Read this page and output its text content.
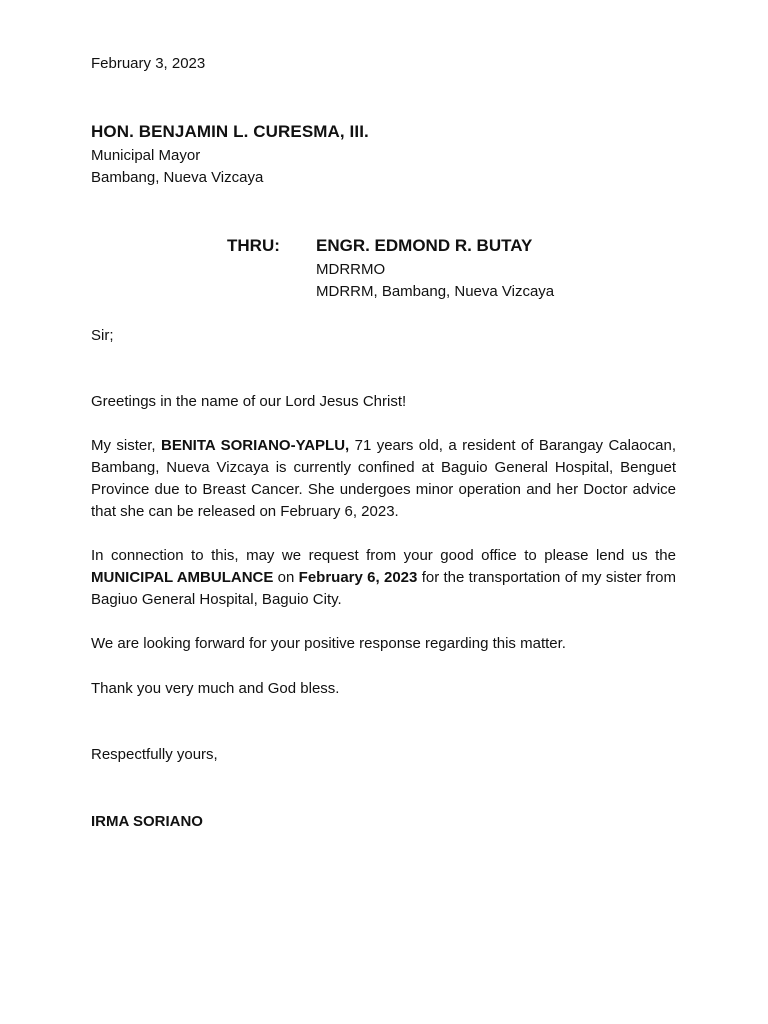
February 3, 2023
HON. BENJAMIN L. CURESMA, III.
Municipal Mayor
Bambang, Nueva Vizcaya
THRU: ENGR. EDMOND R. BUTAY
MDRRMO
MDRRM, Bambang, Nueva Vizcaya
Sir;
Greetings in the name of our Lord Jesus Christ!
My sister, BENITA SORIANO-YAPLU, 71 years old, a resident of Barangay Calaocan, Bambang, Nueva Vizcaya is currently confined at Baguio General Hospital, Benguet Province due to Breast Cancer. She undergoes minor operation and her Doctor advice that she can be released on February 6, 2023.
In connection to this, may we request from your good office to please lend us the MUNICIPAL AMBULANCE on February 6, 2023 for the transportation of my sister from Bagiuo General Hospital, Baguio City.
We are looking forward for your positive response regarding this matter.
Thank you very much and God bless.
Respectfully yours,
IRMA SORIANO
